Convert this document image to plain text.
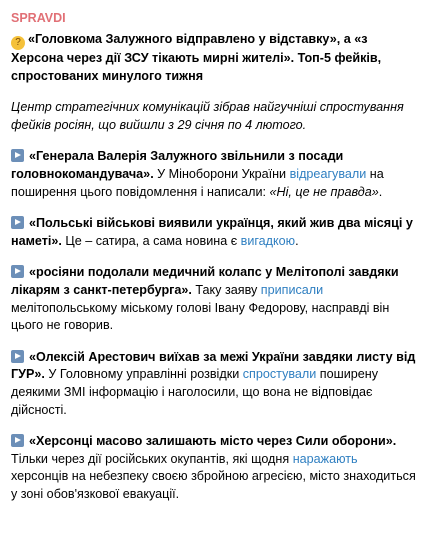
SPRAVDI

? «Головкома Залужного відправлено у відставку», а «з Херсона через дії ЗСУ тікають мирні жителі». Топ-5 фейків, спростованих минулого тижня

Центр стратегічних комунікацій зібрав найгучніші спростування фейків росіян, що вийшли з 29 січня по 4 лютого.

«Генерала Валерія Залужного звільнили з посади головнокомандувача». У Міноборони України відреагували на поширення цього повідомлення і написали: «Ні, це не правда».

«Польські військові виявили українця, який жив два місяці у наметі». Це – сатира, а сама новина є вигадкою.

«росіяни подолали медичний колапс у Мелітополі завдяки лікарям з санкт-петербурга». Таку заяву приписали мелітопольському міському голові Івану Федорову, насправді він цього не говорив.

«Олексій Арестович виїхав за межі України завдяки листу від ГУР». У Головному управлінні розвідки спростували поширену деякими ЗМІ інформацію і наголосили, що вона не відповідає дійсності.

«Херсонці масово залишають місто через Сили оборони». Тільки через дії російських окупантів, які щодня наражають херсонців на небезпеку своєю збройною агресією, місто знаходиться у зоні обов'язкової евакуації.
